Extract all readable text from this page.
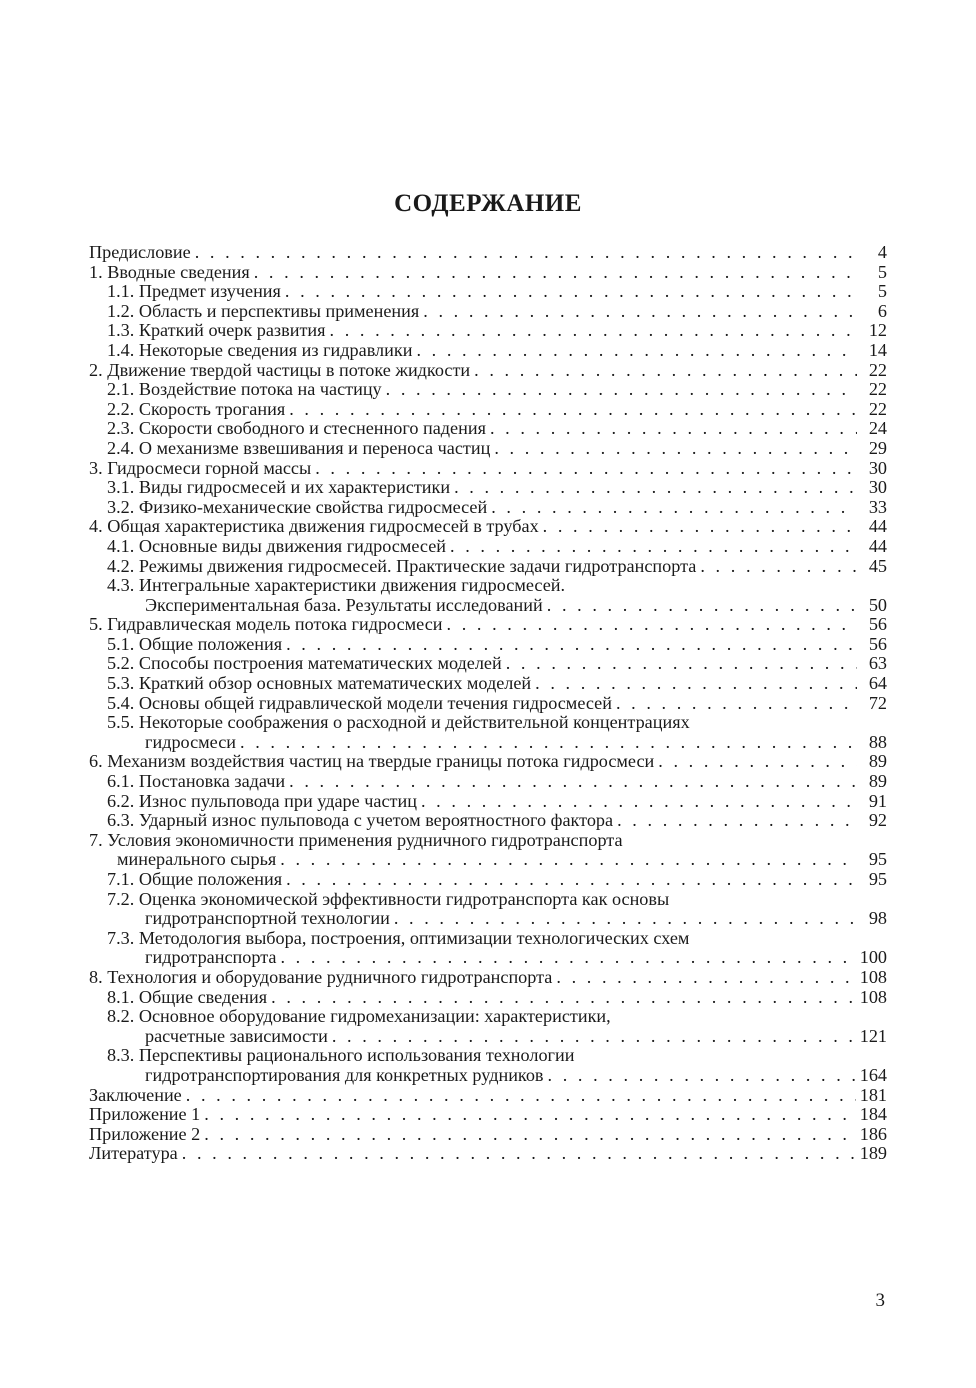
СОДЕРЖАНИЕ
Предисловие . . .	4
1. Вводные сведения . . .	5
1.1. Предмет изучения . . .	5
1.2. Область и перспективы применения . . .	6
1.3. Краткий очерк развития . . .	12
1.4. Некоторые сведения из гидравлики . . .	14
2. Движение твердой частицы в потоке жидкости . . .	22
2.1. Воздействие потока на частицу . . .	22
2.2. Скорость трогания . . .	22
2.3. Скорости свободного и стесненного падения . . .	24
2.4. О механизме взвешивания и переноса частиц . . .	29
3. Гидросмеси горной массы . . .	30
3.1. Виды гидросмесей и их характеристики . . .	30
3.2. Физико-механические свойства гидросмесей . . .	33
4. Общая характеристика движения гидросмесей в трубах . . .	44
4.1. Основные виды движения гидросмесей . . .	44
4.2. Режимы движения гидросмесей. Практические задачи гидротранспорта . . .	45
4.3. Интегральные характеристики движения гидросмесей.
Экспериментальная база. Результаты исследований . . .	50
5. Гидравлическая модель потока гидросмеси . . .	56
5.1. Общие положения . . .	56
5.2. Способы построения математических моделей . . .	63
5.3. Краткий обзор основных математических моделей . . .	64
5.4. Основы общей гидравлической модели течения гидросмесей . . .	72
5.5. Некоторые соображения о расходной и действительной концентрациях
гидросмеси . . .	88
6. Механизм воздействия частиц на твердые границы потока гидросмеси . . .	89
6.1. Постановка задачи . . .	89
6.2. Износ пульповода при ударе частиц . . .	91
6.3. Ударный износ пульповода с учетом вероятностного фактора . . .	92
7. Условия экономичности применения рудничного гидротранспорта
минерального сырья . . .	95
7.1. Общие положения . . .	95
7.2. Оценка экономической эффективности гидротранспорта как основы
гидротранспортной технологии . . .	98
7.3. Методология выбора, построения, оптимизации технологических схем
гидротранспорта . . .	100
8. Технология и оборудование рудничного гидротранспорта . . .	108
8.1. Общие сведения . . .	108
8.2. Основное оборудование гидромеханизации: характеристики,
расчетные зависимости . . .	121
8.3. Перспективы рационального использования технологии
гидротранспортирования для конкретных рудников . . .	164
Заключение . . .	181
Приложение 1 . . .	184
Приложение 2 . . .	186
Литература . . .	189
3
